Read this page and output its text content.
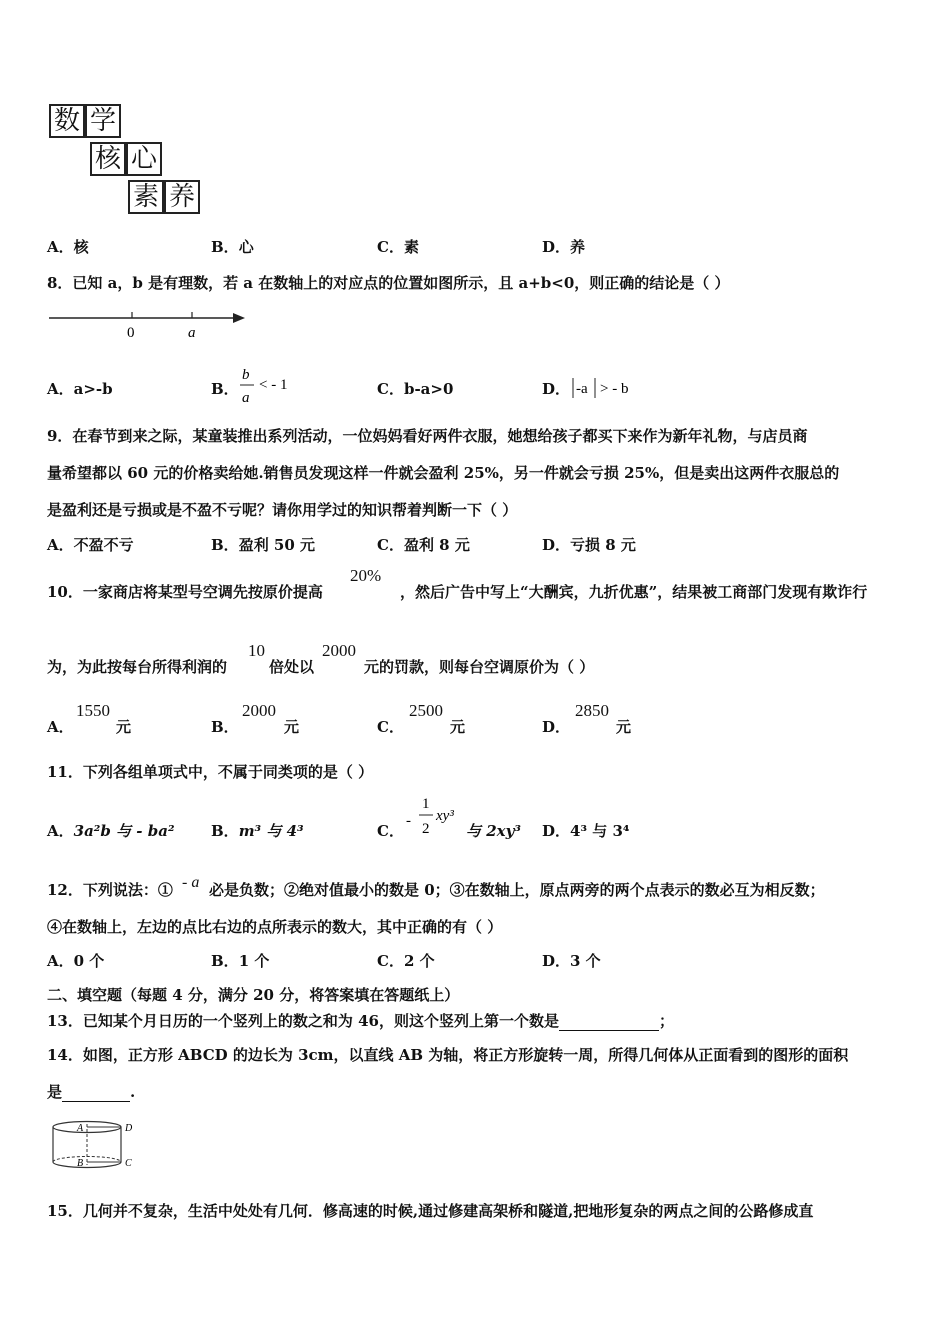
数 学
核 心
素 养
A．核	B．心	C．素	D．养
8．已知 a，b 是有理数，若 a 在数轴上的对应点的位置如图所示，且 a+b<0，则正确的结论是（ ）
0	a
A．a>-b	B．
b
a
< - 1	C．b-a>0	D． -a > - b
9．在春节到来之际，某童装推出系列活动，一位妈妈看好两件衣服，她想给孩子都买下来作为新年礼物，与店员商
量希望都以 60 元的价格卖给她.销售员发现这样一件就会盈利 25%，另一件就会亏损 25%，但是卖出这两件衣服总的
是盈利还是亏损或是不盈不亏呢？请你用学过的知识帮着判断一下（ ）
A．不盈不亏	B．盈利 50 元	C．盈利 8 元	D．亏损 8 元
10．一家商店将某型号空调先按原价提高
20%
，然后广告中写上“大酬宾，九折优惠”，结果被工商部门发现有欺诈行
为，为此按每台所得利润的
10
倍处以
2000
元的罚款，则每台空调原价为（ ）
A．
1550
元	B．
2000
元	C．
2500
元	D．
2850
元
11．下列各组单项式中，不属于同类项的是（ ）
A．3a²b 与 - ba² B．m³ 与 4³	C．
-
1
2
xy³
与 2xy³ D．4³ 与 3⁴
12．下列说法：① - a 必是负数；②绝对值最小的数是 0；③在数轴上，原点两旁的两个点表示的数必互为相反数；
④在数轴上，左边的点比右边的点所表示的数大，其中正确的有（ ）
A．0 个	B．1 个	C．2 个	D．3 个
二、填空题（每题 4 分，满分 20 分，将答案填在答题纸上）
13．已知某个月日历的一个竖列上的数之和为 46，则这个竖列上第一个数是	；
14．如图，正方形 ABCD 的边长为 3cm，以直线 AB 为轴，将正方形旋转一周，所得几何体从正面看到的图形的面积
是	.
A
B
D
C
15．几何并不复杂，生活中处处有几何．修高速的时候,通过修建高架桥和隧道,把地形复杂的两点之间的公路修成直
